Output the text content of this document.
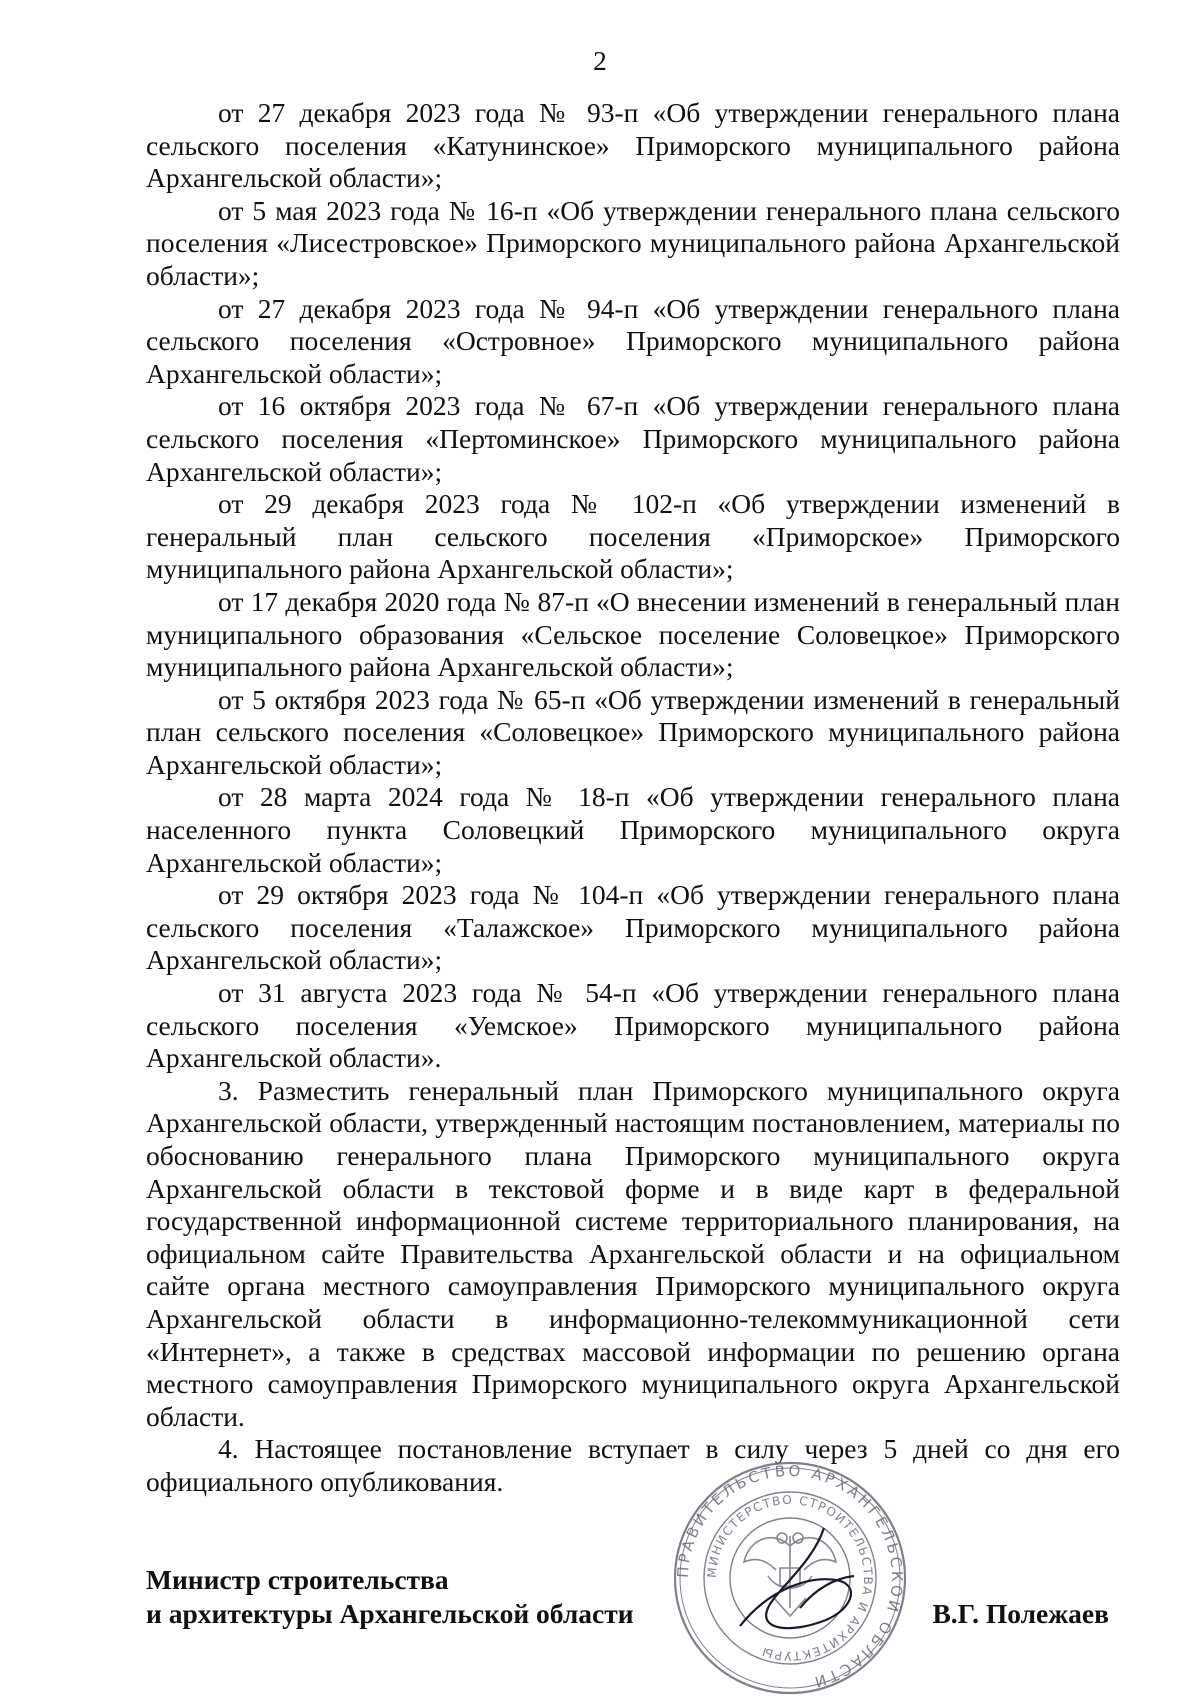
2

от 27 декабря 2023 года № 93-п «Об утверждении генерального плана сельского поселения «Катунинское» Приморского муниципального района Архангельской области»;

от 5 мая 2023 года № 16-п «Об утверждении генерального плана сельского поселения «Лисестровское» Приморского муниципального района Архангельской области»;

от 27 декабря 2023 года № 94-п «Об утверждении генерального плана сельского поселения «Островное» Приморского муниципального района Архангельской области»;

от 16 октября 2023 года № 67-п «Об утверждении генерального плана сельского поселения «Пертоминское» Приморского муниципального района Архангельской области»;

от 29 декабря 2023 года № 102-п «Об утверждении изменений в генеральный план сельского поселения «Приморское» Приморского муниципального района Архангельской области»;

от 17 декабря 2020 года № 87-п «О внесении изменений в генеральный план муниципального образования «Сельское поселение Соловецкое» Приморского муниципального района Архангельской области»;

от 5 октября 2023 года № 65-п «Об утверждении изменений в генеральный план сельского поселения «Соловецкое» Приморского муниципального района Архангельской области»;

от 28 марта 2024 года № 18-п «Об утверждении генерального плана населенного пункта Соловецкий Приморского муниципального округа Архангельской области»;

от 29 октября 2023 года № 104-п «Об утверждении генерального плана сельского поселения «Талажское» Приморского муниципального района Архангельской области»;

от 31 августа 2023 года № 54-п «Об утверждении генерального плана сельского поселения «Уемское» Приморского муниципального района Архангельской области».

3. Разместить генеральный план Приморского муниципального округа Архангельской области, утвержденный настоящим постановлением, материалы по обоснованию генерального плана Приморского муниципального округа Архангельской области в текстовой форме и в виде карт в федеральной государственной информационной системе территориального планирования, на официальном сайте Правительства Архангельской области и на официальном сайте органа местного самоуправления Приморского муниципального округа Архангельской области в информационно-телекоммуникационной сети «Интернет», а также в средствах массовой информации по решению органа местного самоуправления Приморского муниципального округа Архангельской области.

4. Настоящее постановление вступает в силу через 5 дней со дня его официального опубликования.

ПРАВИТЕЛЬСТВО АРХАНГЕЛЬСКОЙ ОБЛАСТИ
МИНИСТЕРСТВО СТРОИТЕЛЬСТВА И АРХИТЕКТУРЫ
Министр строительства
и архитектуры Архангельской области	В.Г. Полежаев
